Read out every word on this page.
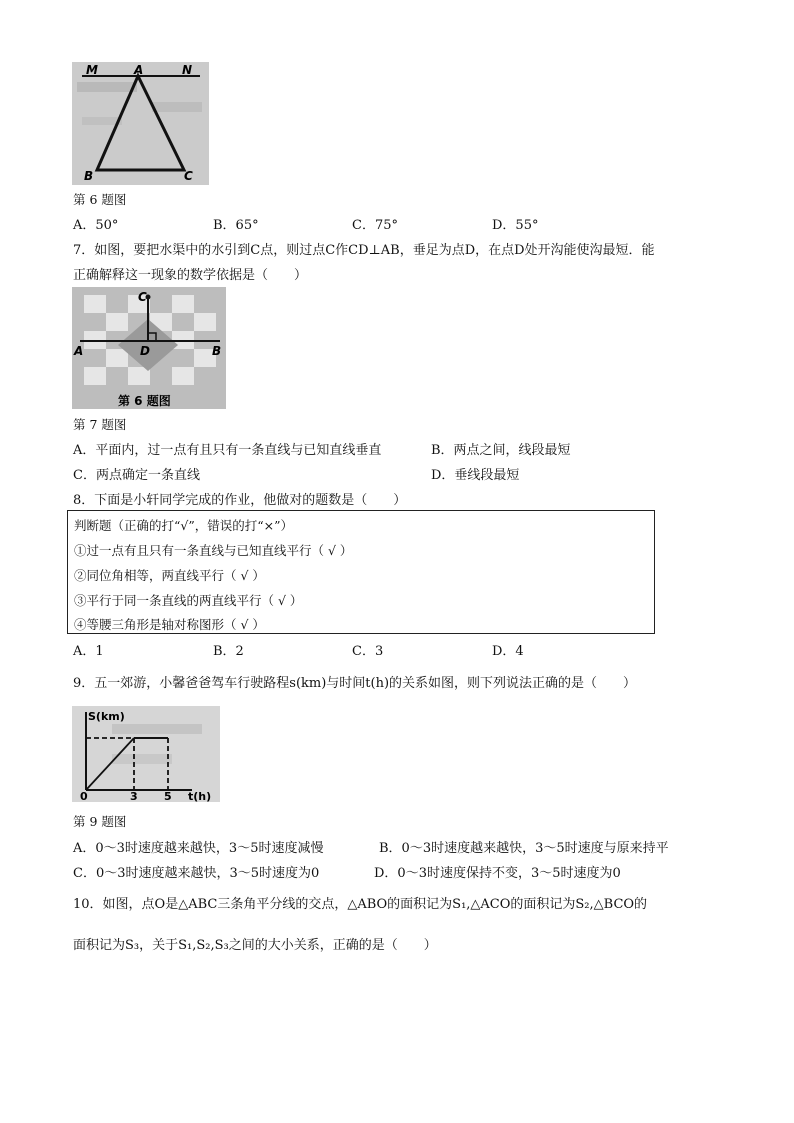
M	A	N
B	C
第 6 题图
A．50°	B．65°	C．75°	D．55°
7．如图，要把水渠中的水引到C点，则过点C作CD⊥AB，垂足为点D，在点D处开沟能使沟最短．能
正确解释这一现象的数学依据是（　　）
C
A	D	B
第 6 题图
第 7 题图
A．平面内，过一点有且只有一条直线与已知直线垂直	B．两点之间，线段最短
C．两点确定一条直线	D．垂线段最短
8．下面是小轩同学完成的作业，他做对的题数是（　　）
判断题（正确的打“√”，错误的打“×”）
①过一点有且只有一条直线与已知直线平行（ √ ）
②同位角相等，两直线平行（ √ ）
③平行于同一条直线的两直线平行（ √ ）
④等腰三角形是轴对称图形（ √ ）
A．1	B．2	C．3	D．4
9．五一郊游，小馨爸爸驾车行驶路程s(km)与时间t(h)的关系如图，则下列说法正确的是（　　）
S(km)
t(h)
0	3 5
第 9 题图
A．0～3时速度越来越快，3～5时速度减慢	B．0～3时速度越来越快，3～5时速度与原来持平
C．0～3时速度越来越快，3～5时速度为0	D．0～3时速度保持不变，3～5时速度为0
10．如图，点O是△ABC三条角平分线的交点，△ABO的面积记为S₁,△ACO的面积记为S₂,△BCO的
面积记为S₃，关于S₁,S₂,S₃之间的大小关系，正确的是（　　）
